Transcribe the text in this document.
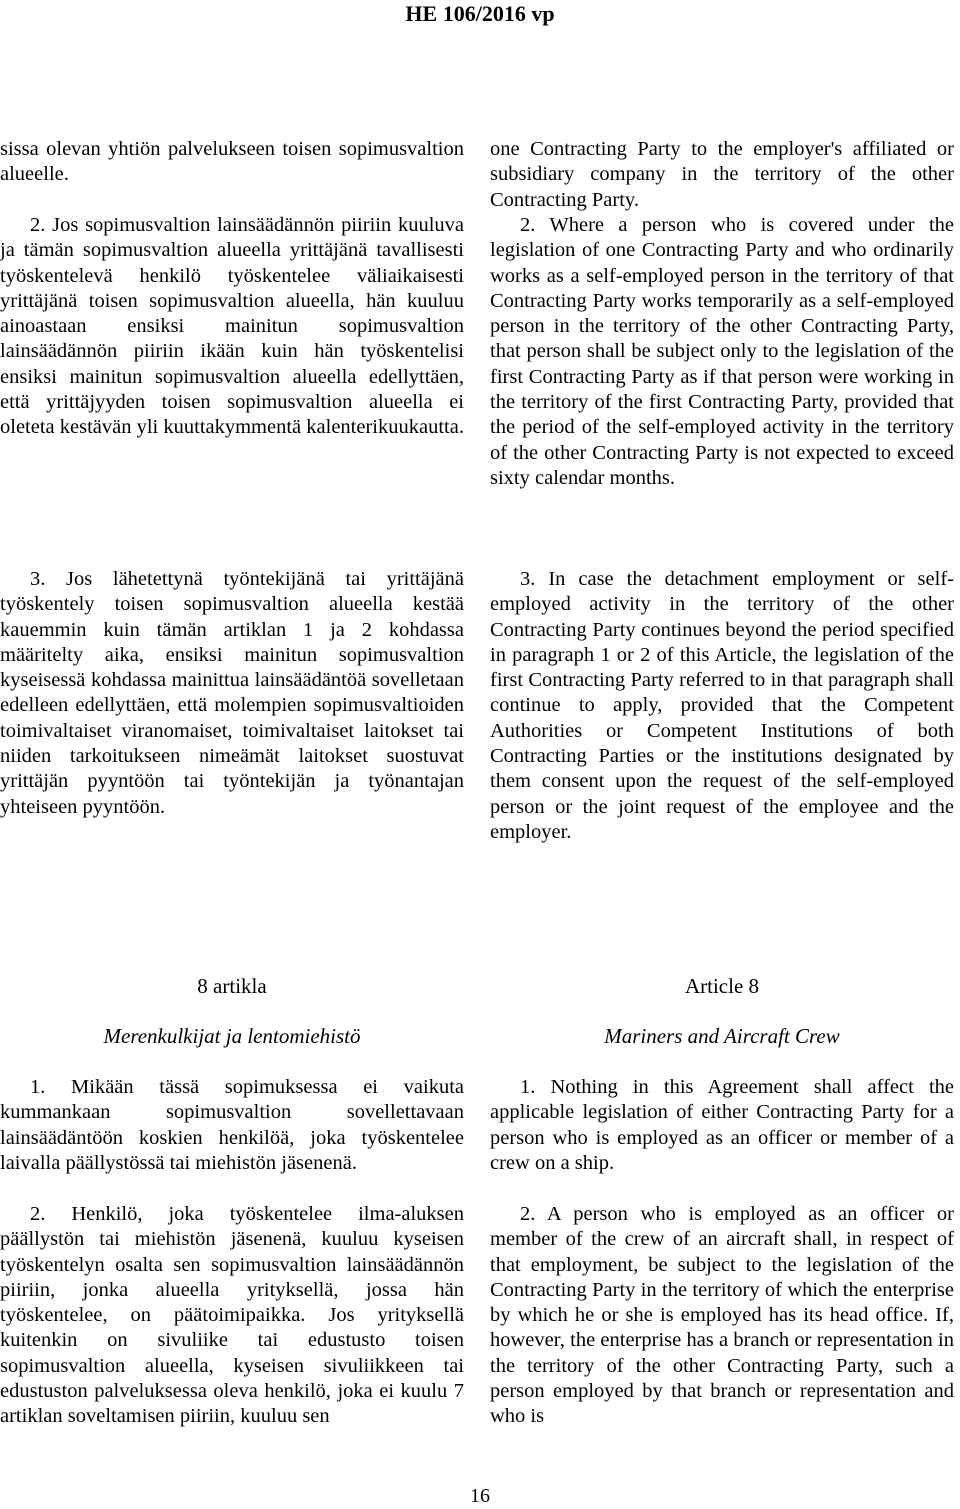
HE 106/2016 vp

sissa olevan yhtiön palvelukseen toisen sopimusvaltion alueelle.

2. Jos sopimusvaltion lainsäädännön piiriin kuuluva ja tämän sopimusvaltion alueella yrittäjänä tavallisesti työskentelevä henkilö työskentelee väliaikaisesti yrittäjänä toisen sopimusvaltion alueella, hän kuuluu ainoastaan ensiksi mainitun sopimusvaltion lainsäädännön piiriin ikään kuin hän työskentelisi ensiksi mainitun sopimusvaltion alueella edellyttäen, että yrittäjyyden toisen sopimusvaltion alueella ei oleteta kestävän yli kuuttakymmentä kalenterikuukautta.

3. Jos lähetettynä työntekijänä tai yrittäjänä työskentely toisen sopimusvaltion alueella kestää kauemmin kuin tämän artiklan 1 ja 2 kohdassa määritelty aika, ensiksi mainitun sopimusvaltion kyseisessä kohdassa mainittua lainsäädäntöä sovelletaan edelleen edellyttäen, että molempien sopimusvaltioiden toimivaltaiset viranomaiset, toimivaltaiset laitokset tai niiden tarkoitukseen nimeämät laitokset suostuvat yrittäjän pyyntöön tai työntekijän ja työnantajan yhteiseen pyyntöön.

8 artikla
Merenkulkijat ja lentomiehistö

1. Mikään tässä sopimuksessa ei vaikuta kummankaan sopimusvaltion sovellettavaan lainsäädäntöön koskien henkilöä, joka työskentelee laivalla päällystössä tai miehistön jäsenenä.

2. Henkilö, joka työskentelee ilma-aluksen päällystön tai miehistön jäsenenä, kuuluu kyseisen työskentelyn osalta sen sopimusvaltion lainsäädännön piiriin, jonka alueella yrityksellä, jossa hän työskentelee, on päätoimipaikka. Jos yrityksellä kuitenkin on sivuliike tai edustusto toisen sopimusvaltion alueella, kyseisen sivuliikkeen tai edustuston palveluksessa oleva henkilö, joka ei kuulu 7 artiklan soveltamisen piiriin, kuuluu sen

one Contracting Party to the employer's affiliated or subsidiary company in the territory of the other Contracting Party.

2. Where a person who is covered under the legislation of one Contracting Party and who ordinarily works as a self-employed person in the territory of that Contracting Party works temporarily as a self-employed person in the territory of the other Contracting Party, that person shall be subject only to the legislation of the first Contracting Party as if that person were working in the territory of the first Contracting Party, provided that the period of the self-employed activity in the territory of the other Contracting Party is not expected to exceed sixty calendar months.

3. In case the detachment employment or self-employed activity in the territory of the other Contracting Party continues beyond the period specified in paragraph 1 or 2 of this Article, the legislation of the first Contracting Party referred to in that paragraph shall continue to apply, provided that the Competent Authorities or Competent Institutions of both Contracting Parties or the institutions designated by them consent upon the request of the self-employed person or the joint request of the employee and the employer.

Article 8
Mariners and Aircraft Crew

1. Nothing in this Agreement shall affect the applicable legislation of either Contracting Party for a person who is employed as an officer or member of a crew on a ship.

2. A person who is employed as an officer or member of the crew of an aircraft shall, in respect of that employment, be subject to the legislation of the Contracting Party in the territory of which the enterprise by which he or she is employed has its head office. If, however, the enterprise has a branch or representation in the territory of the other Contracting Party, such a person employed by that branch or representation and who is

16
